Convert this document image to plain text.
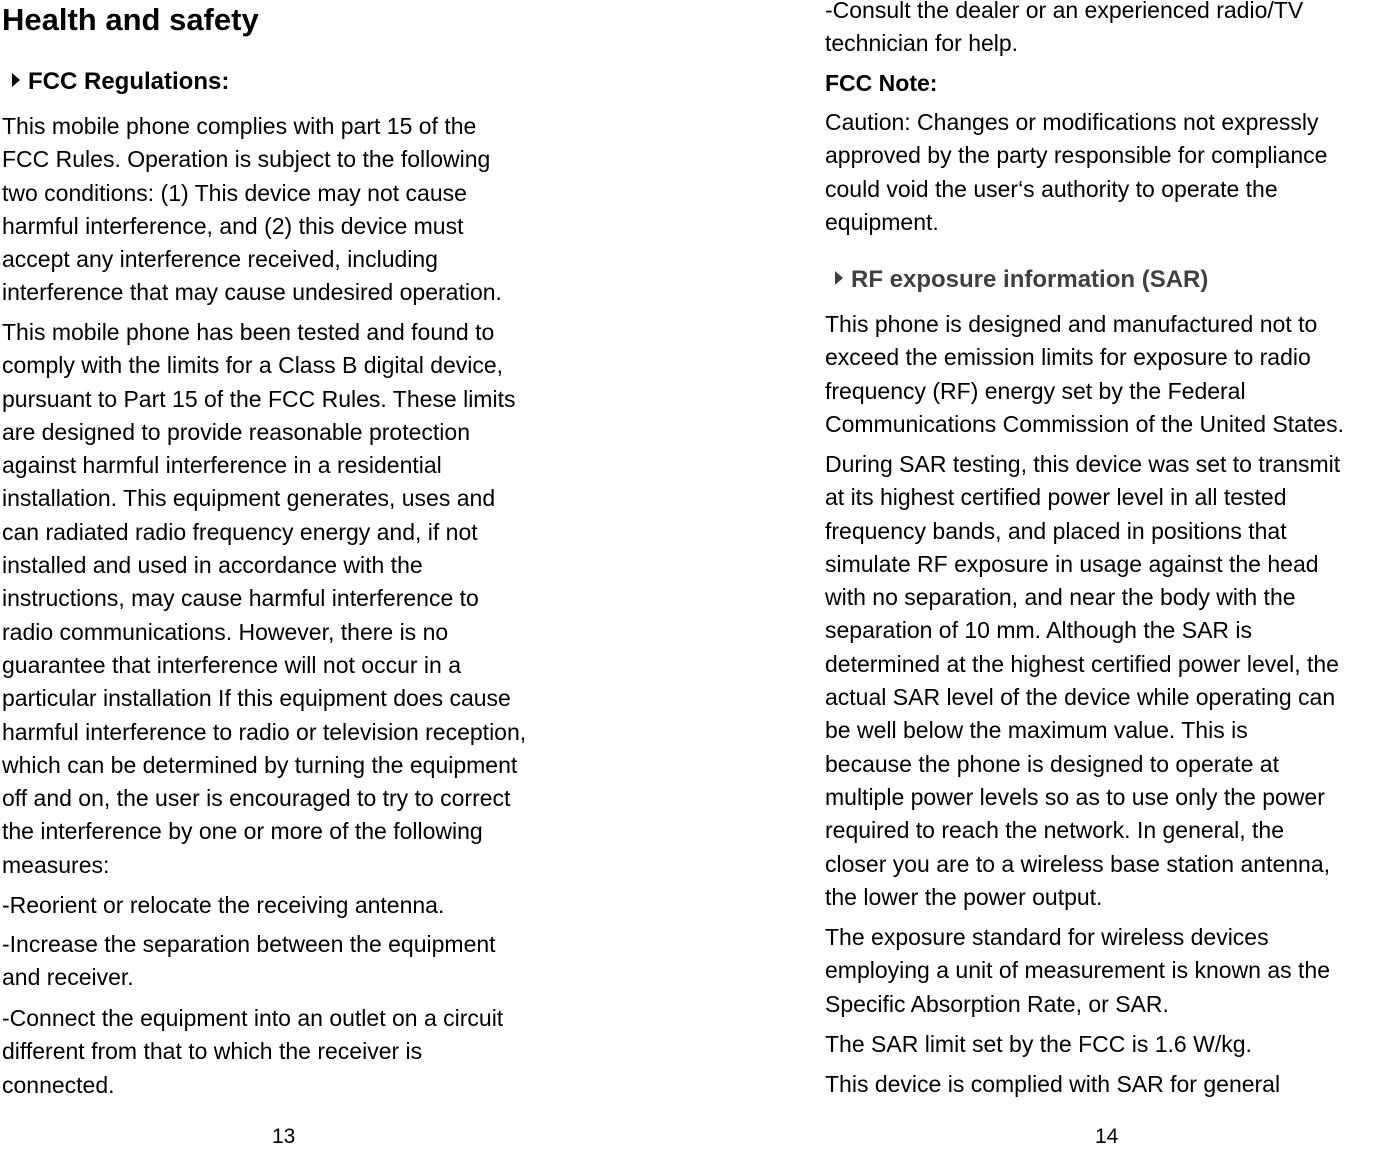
Health and safety
FCC Regulations:

This mobile phone complies with part 15 of the

FCC Rules. Operation is subject to the following

two conditions: (1) This device may not cause

harmful interference, and (2) this device must

accept any interference received, including

interference that may cause undesired operation.

This mobile phone has been tested and found to

comply with the limits for a Class B digital device,

pursuant to Part 15 of the FCC Rules. These limits

are designed to provide reasonable protection

against harmful interference in a residential

installation. This equipment generates, uses and

can radiated radio frequency energy and, if not

installed and used in accordance with the

instructions, may cause harmful interference to

radio communications. However, there is no

guarantee that interference will not occur in a

particular installation If this equipment does cause

harmful interference to radio or television reception,

which can be determined by turning the equipment

off and on, the user is encouraged to try to correct

the interference by one or more of the following

measures:

-Reorient or relocate the receiving antenna.

-Increase the separation between the equipment

and receiver.

-Connect the equipment into an outlet on a circuit

different from that to which the receiver is

connected.

13

-Consult the dealer or an experienced radio/TV

technician for help.

FCC Note:

Caution: Changes or modifications not expressly

approved by the party responsible for compliance

could void the user‘s authority to operate the

equipment.

RF exposure information (SAR)

This phone is designed and manufactured not to

exceed the emission limits for exposure to radio

frequency (RF) energy set by the Federal

Communications Commission of the United States.

During SAR testing, this device was set to transmit

at its highest certified power level in all tested

frequency bands, and placed in positions that

simulate RF exposure in usage against the head

with no separation, and near the body with the

separation of 10 mm. Although the SAR is

determined at the highest certified power level, the

actual SAR level of the device while operating can

be well below the maximum value. This is

because the phone is designed to operate at

multiple power levels so as to use only the power

required to reach the network. In general, the

closer you are to a wireless base station antenna,

the lower the power output.

The exposure standard for wireless devices

employing a unit of measurement is known as the

Specific Absorption Rate, or SAR.

The SAR limit set by the FCC is 1.6 W/kg.

This device is complied with SAR for general

14
